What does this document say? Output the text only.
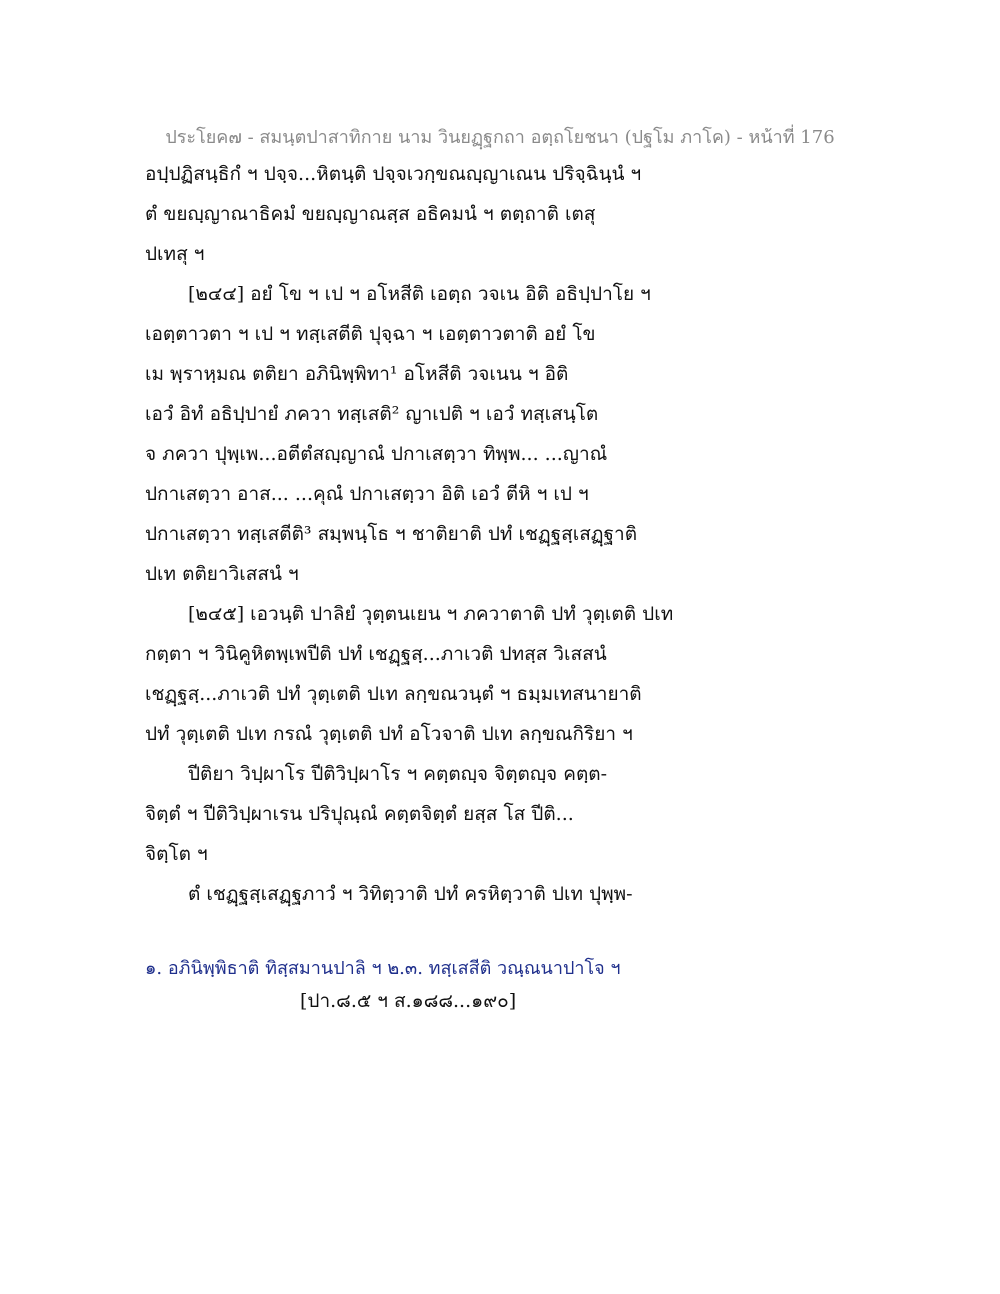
ประโยค๗ - สมนฺตปาสาทิกาย นาม วินยฏฺฐกถา อตฺถโยชนา (ปฐโม ภาโค) - หน้าที่ 176
อปฺปฏิสนฺธิกํ ฯ ปจฺจ...หิตนฺติ ปจฺจเวกฺขณญฺญาเณน ปริจฺฉินฺนํ ฯ
ตํ ขยญฺญาณาธิคมํ ขยญฺญาณสฺส อธิคมนํ ฯ ตตฺถาติ เตสุ
ปเทสุ ฯ
[๒๔๔] อยํ โข ฯ เป ฯ อโหสีติ เอตฺถ วจเน อิติ อธิปฺปาโย ฯ
เอตฺตาวตา ฯ เป ฯ ทสฺเสตีติ ปุจฺฉา ฯ เอตฺตาวตาติ อยํ โข
เม พฺราหฺมณ ตติยา อภินิพฺพิทา¹ อโหสีติ วจเนน ฯ อิติ
เอวํ อิทํ อธิปฺปายํ ภควา ทสฺเสติ² ญาเปติ ฯ เอวํ ทสฺเสนฺโต
จ ภควา ปุพฺเพ...อตีตํสญฺญาณํ ปกาเสตฺวา ทิพฺพ... ...ญาณํ
ปกาเสตฺวา อาส... ...คุณํ ปกาเสตฺวา อิติ เอวํ ตีหิ ฯ เป ฯ
ปกาเสตฺวา ทสฺเสตีติ³ สมฺพนฺโธ ฯ ชาติยาติ ปทํ เชฏฺฐสฺเสฏฺฐาติ
ปเท ตติยาวิเสสนํ ฯ
[๒๔๕] เอวนฺติ ปาลิยํ วุตฺตนเยน ฯ ภควาตาติ ปทํ วุตฺเตติ ปเท
กตฺตา ฯ วินิคูหิตพฺเพปีติ ปทํ เชฏฺฐสฺ...ภาเวติ ปทสฺส วิเสสนํ
เชฏฺฐสฺ...ภาเวติ ปทํ วุตฺเตติ ปเท ลกฺขณวนฺตํ ฯ ธมฺมเทสนายาติ
ปทํ วุตฺเตติ ปเท กรณํ วุตฺเตติ ปทํ อโวจาติ ปเท ลกฺขณกิริยา ฯ
ปีติยา วิปฺผาโร ปีติวิปฺผาโร ฯ คตฺตญฺจ จิตฺตญฺจ คตฺต-
จิตฺตํ ฯ ปีติวิปฺผาเรน ปริปุณฺณํ คตฺตจิตฺตํ ยสฺส โส ปีติ...
จิตฺโต ฯ
ตํ เชฏฺฐสฺเสฏฺฐภาวํ ฯ วิทิตฺวาติ ปทํ ครหิตฺวาติ ปเท ปุพฺพ-
๑. อภินิพฺพิธาติ ทิสฺสมานปาลิ ฯ ๒.๓. ทสฺเสสีติ วณฺณนาปาโจ ฯ
[ปา.๘.๕ ฯ ส.๑๘๘...๑๙๐]
